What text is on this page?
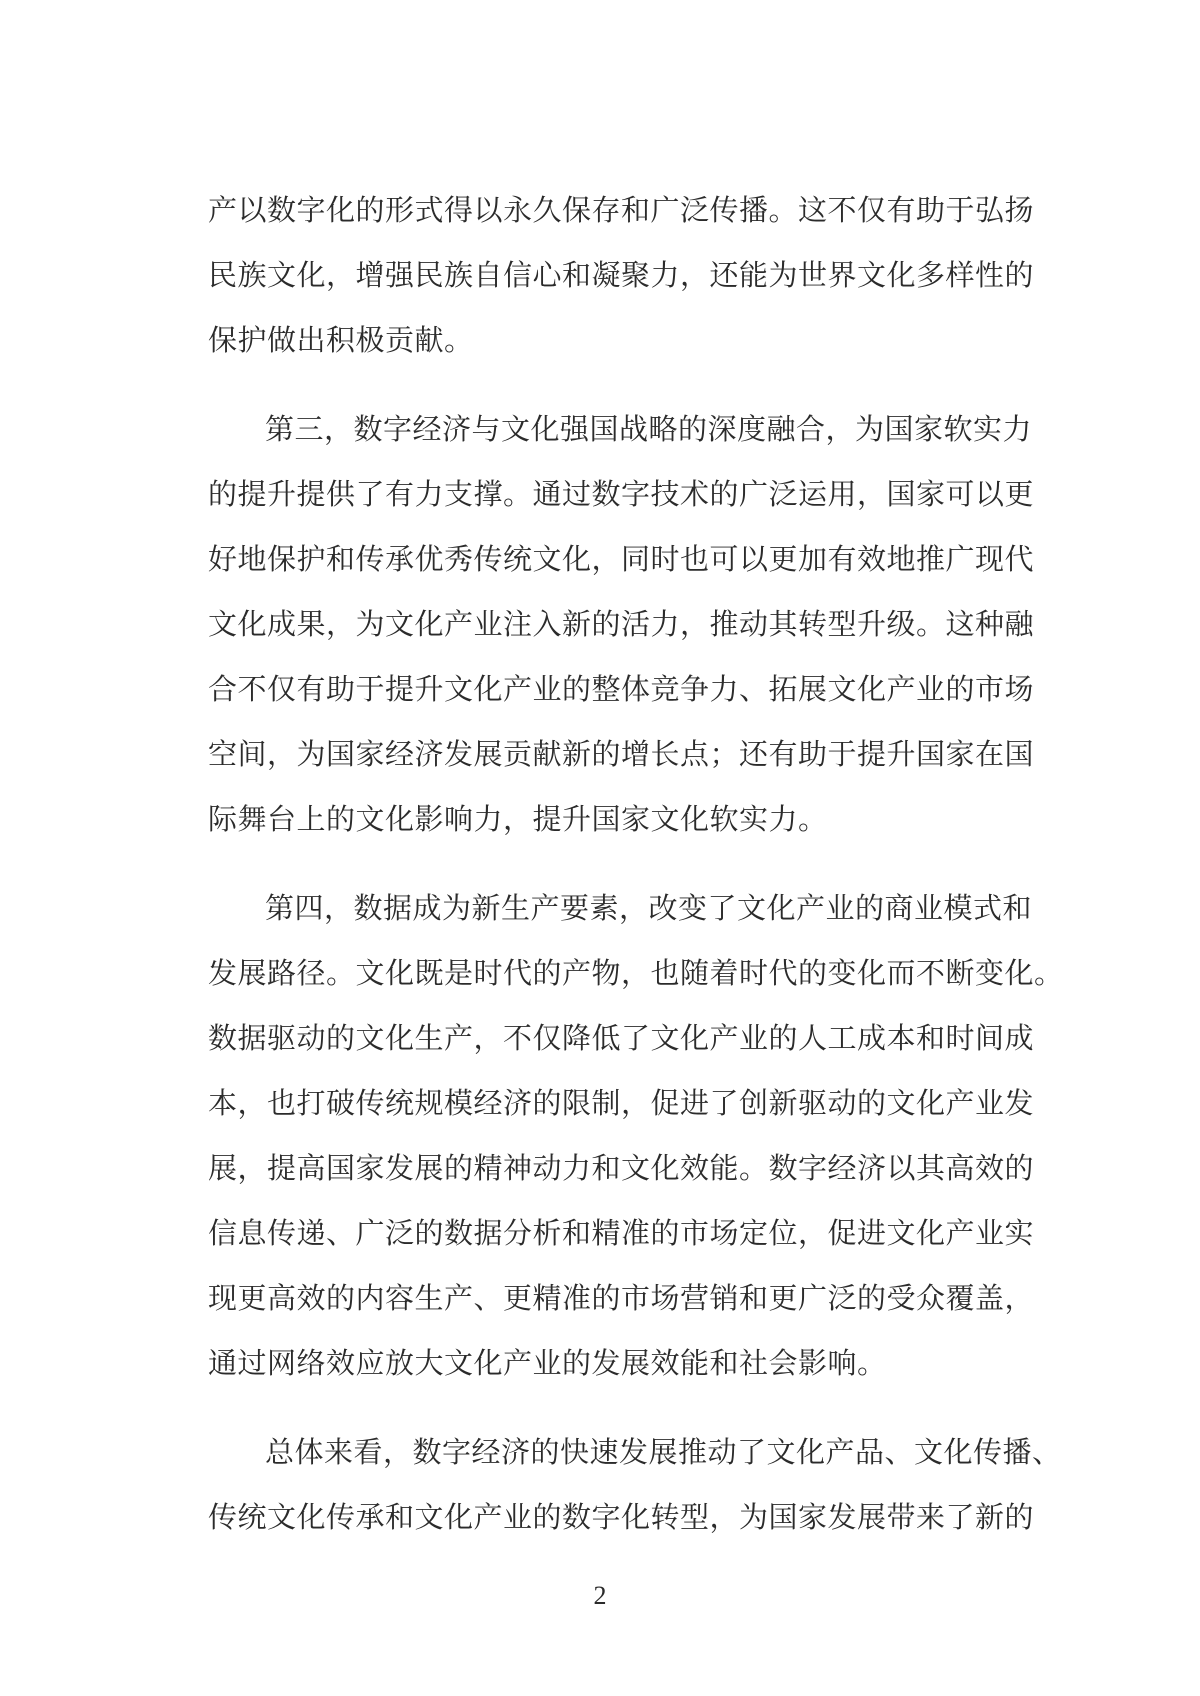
产以数字化的形式得以永久保存和广泛传播。这不仅有助于弘扬
民族文化，增强民族自信心和凝聚力，还能为世界文化多样性的
保护做出积极贡献。
第三，数字经济与文化强国战略的深度融合，为国家软实力
的提升提供了有力支撑。通过数字技术的广泛运用，国家可以更
好地保护和传承优秀传统文化，同时也可以更加有效地推广现代
文化成果，为文化产业注入新的活力，推动其转型升级。这种融
合不仅有助于提升文化产业的整体竞争力、拓展文化产业的市场
空间，为国家经济发展贡献新的增长点；还有助于提升国家在国
际舞台上的文化影响力，提升国家文化软实力。
第四，数据成为新生产要素，改变了文化产业的商业模式和
发展路径。文化既是时代的产物，也随着时代的变化而不断变化。
数据驱动的文化生产，不仅降低了文化产业的人工成本和时间成
本，也打破传统规模经济的限制，促进了创新驱动的文化产业发
展，提高国家发展的精神动力和文化效能。数字经济以其高效的
信息传递、广泛的数据分析和精准的市场定位，促进文化产业实
现更高效的内容生产、更精准的市场营销和更广泛的受众覆盖，
通过网络效应放大文化产业的发展效能和社会影响。
总体来看，数字经济的快速发展推动了文化产品、文化传播、
传统文化传承和文化产业的数字化转型，为国家发展带来了新的
2
